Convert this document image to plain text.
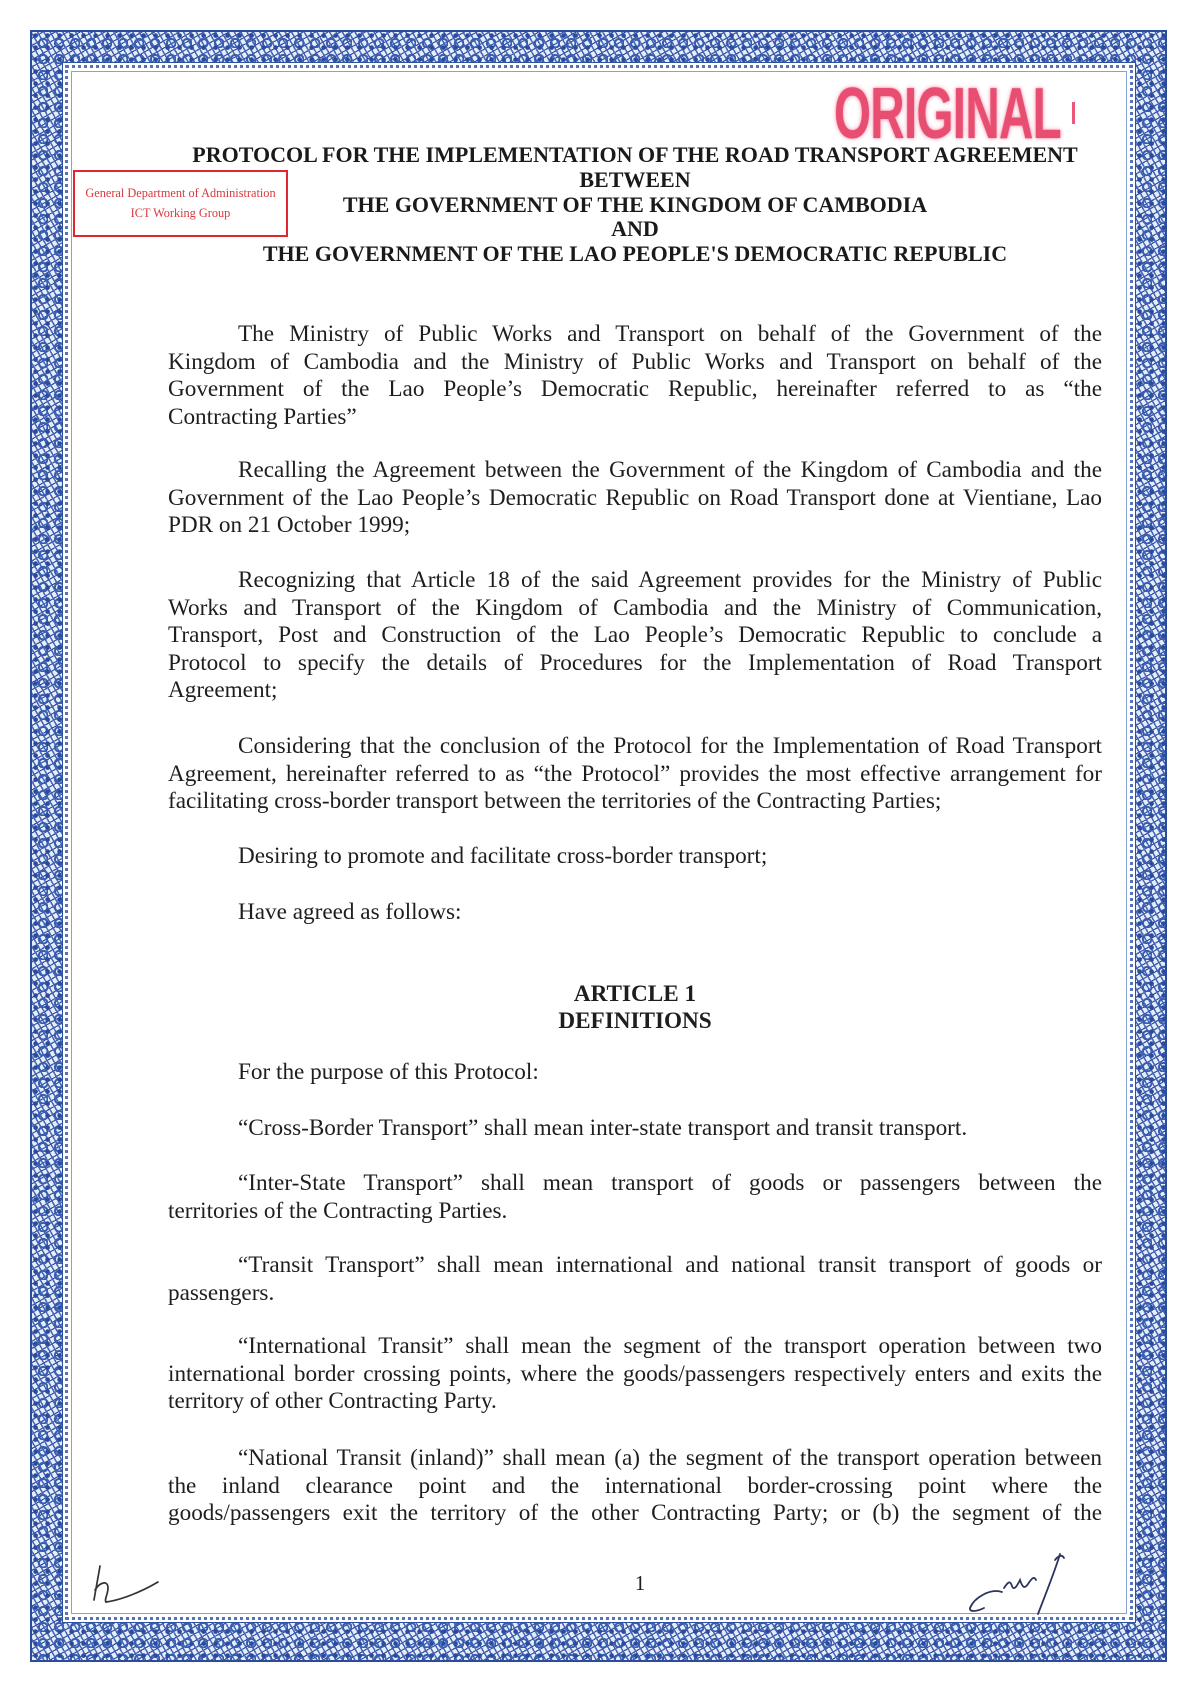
ORIGINAL
General Department of Administration
ICT Working Group
PROTOCOL FOR THE IMPLEMENTATION OF THE ROAD TRANSPORT AGREEMENT
BETWEEN
THE GOVERNMENT OF THE KINGDOM OF CAMBODIA
AND
THE GOVERNMENT OF THE LAO PEOPLE'S DEMOCRATIC REPUBLIC
The Ministry of Public Works and Transport on behalf of the Government of the
Kingdom of Cambodia and the Ministry of Public Works and Transport on behalf of the
Government of the Lao People’s Democratic Republic, hereinafter referred to as “the
Contracting Parties”
Recalling the Agreement between the Government of the Kingdom of Cambodia and the
Government of the Lao People’s Democratic Republic on Road Transport done at Vientiane, Lao
PDR on 21 October 1999;
Recognizing that Article 18 of the said Agreement provides for the Ministry of Public
Works and Transport of the Kingdom of Cambodia and the Ministry of Communication,
Transport, Post and Construction of the Lao People’s Democratic Republic to conclude a
Protocol to specify the details of Procedures for the Implementation of Road Transport
Agreement;
Considering that the conclusion of the Protocol for the Implementation of Road Transport
Agreement, hereinafter referred to as “the Protocol” provides the most effective arrangement for
facilitating cross-border transport between the territories of the Contracting Parties;
Desiring to promote and facilitate cross-border transport;
Have agreed as follows:
ARTICLE 1
DEFINITIONS
For the purpose of this Protocol:
“Cross-Border Transport” shall mean inter-state transport and transit transport.
“Inter-State Transport” shall mean transport of goods or passengers between the
territories of the Contracting Parties.
“Transit Transport” shall mean international and national transit transport of goods or
passengers.
“International Transit” shall mean the segment of the transport operation between two
international border crossing points, where the goods/passengers respectively enters and exits the
territory of other Contracting Party.
“National Transit (inland)” shall mean (a) the segment of the transport operation between
the inland clearance point and the international border-crossing point where the
goods/passengers exit the territory of the other Contracting Party; or (b) the segment of the
1
